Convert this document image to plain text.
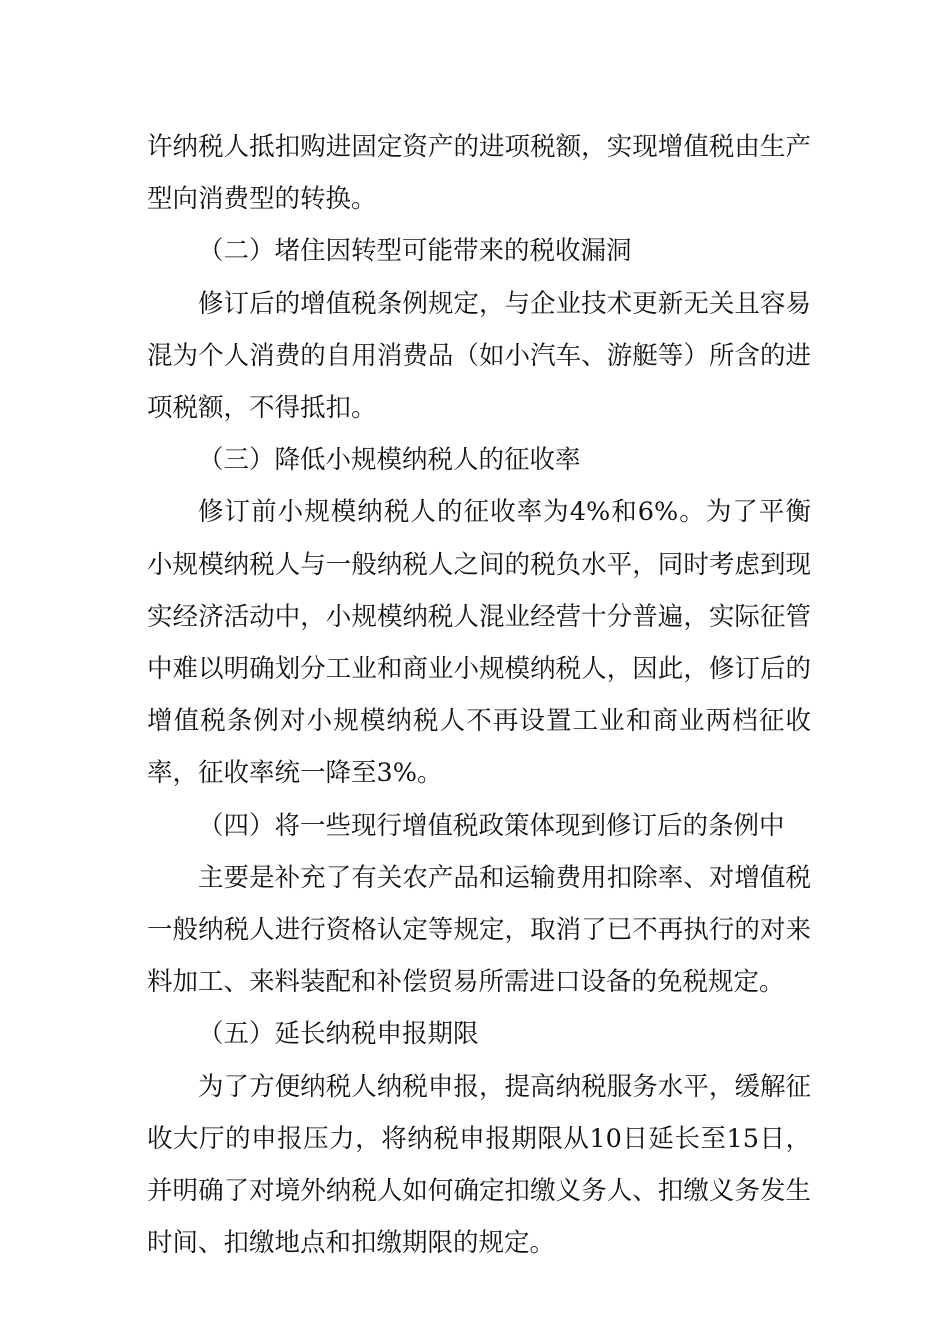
许纳税人抵扣购进固定资产的进项税额，实现增值税由生产型向消费型的转换。

（二）堵住因转型可能带来的税收漏洞

修订后的增值税条例规定，与企业技术更新无关且容易混为个人消费的自用消费品（如小汽车、游艇等）所含的进项税额，不得抵扣。

（三）降低小规模纳税人的征收率

修订前小规模纳税人的征收率为4%和6%。为了平衡小规模纳税人与一般纳税人之间的税负水平，同时考虑到现实经济活动中，小规模纳税人混业经营十分普遍，实际征管中难以明确划分工业和商业小规模纳税人，因此，修订后的增值税条例对小规模纳税人不再设置工业和商业两档征收率，征收率统一降至3%。

（四）将一些现行增值税政策体现到修订后的条例中

主要是补充了有关农产品和运输费用扣除率、对增值税一般纳税人进行资格认定等规定，取消了已不再执行的对来料加工、来料装配和补偿贸易所需进口设备的免税规定。

（五）延长纳税申报期限

为了方便纳税人纳税申报，提高纳税服务水平，缓解征收大厅的申报压力，将纳税申报期限从10日延长至15日，并明确了对境外纳税人如何确定扣缴义务人、扣缴义务发生时间、扣缴地点和扣缴期限的规定。
